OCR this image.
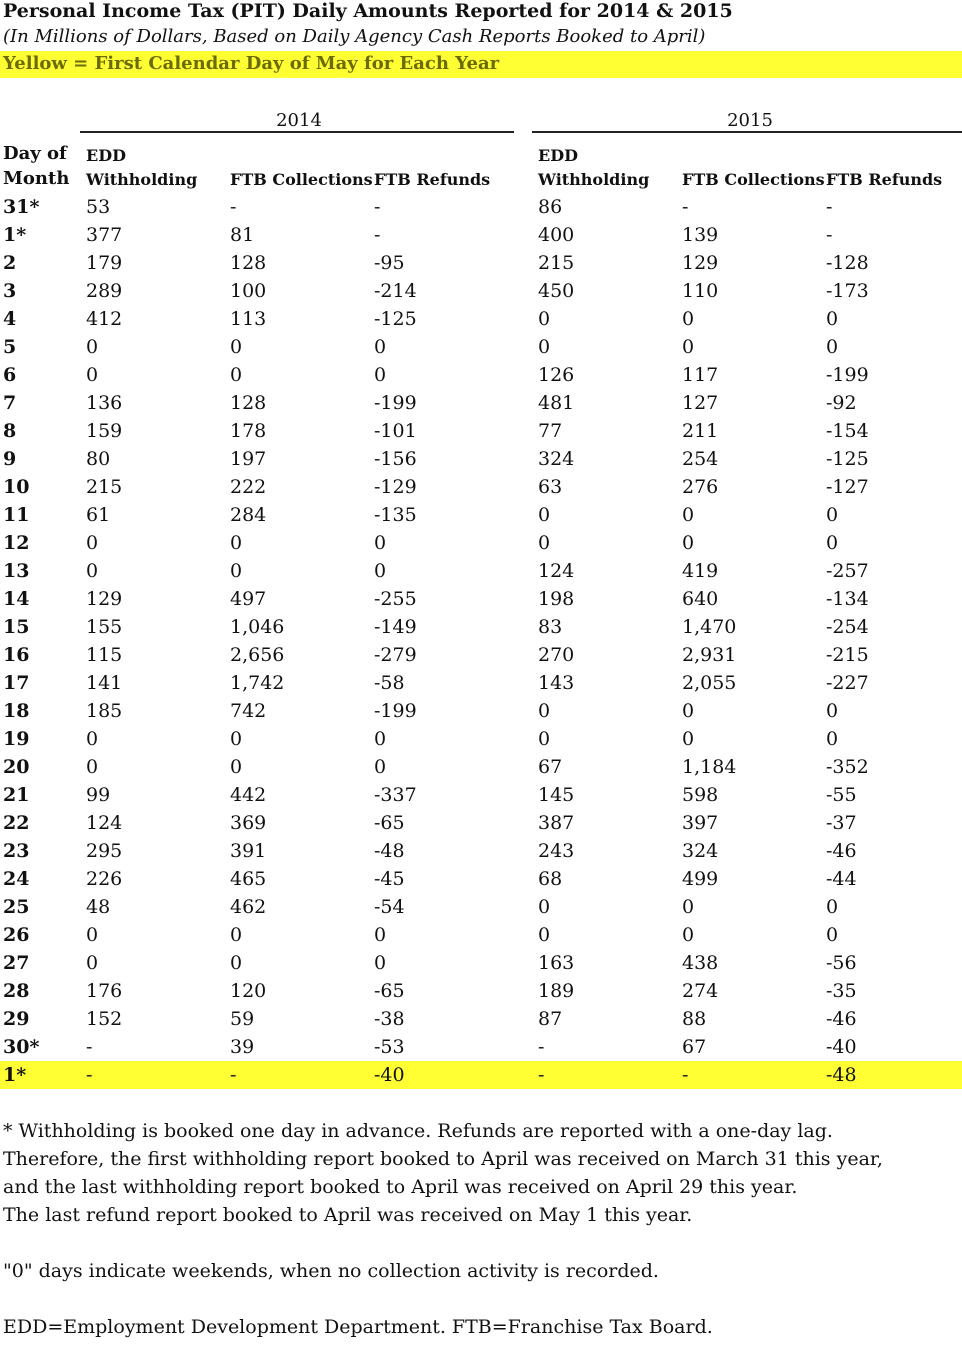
Personal Income Tax (PIT) Daily Amounts Reported for 2014 & 2015
(In Millions of Dollars, Based on Daily Agency Cash Reports Booked to April)
Yellow = First Calendar Day of May for Each Year
2014	2015
Day of
Month
EDD
Withholding FTB Collections FTB Refunds
EDD
Withholding FTB Collections FTB Refunds
31* 53	-	-	86	-	-
1*	377	81	-	400	139	-
2	179	128	-95	215	129	-128
3	289	100	-214	450	110	-173
4	412	113	-125	0	0	0
5	0	0	0	0	0	0
6	0	0	0	126	117	-199
7	136	128	-199	481	127	-92
8	159	178	-101	77	211	-154
9	80	197	-156	324	254	-125
10	215	222	-129	63	276	-127
11	61	284	-135	0	0	0
12	0	0	0	0	0	0
13	0	0	0	124	419	-257
14	129	497	-255	198	640	-134
15	155	1,046	-149	83	1,470	-254
16	115	2,656	-279	270	2,931	-215
17	141	1,742	-58	143	2,055	-227
18	185	742	-199	0	0	0
19	0	0	0	0	0	0
20	0	0	0	67	1,184	-352
21	99	442	-337	145	598	-55
22	124	369	-65	387	397	-37
23	295	391	-48	243	324	-46
24	226	465	-45	68	499	-44
25	48	462	-54	0	0	0
26	0	0	0	0	0	0
27	0	0	0	163	438	-56
28	176	120	-65	189	274	-35
29	152	59	-38	87	88	-46
30* -	39	-53	-	67	-40
1*	-	-	-40	-	-	-48
* Withholding is booked one day in advance. Refunds are reported with a one-day lag.
Therefore, the first withholding report booked to April was received on March 31 this year,
and the last withholding report booked to April was received on April 29 this year.
The last refund report booked to April was received on May 1 this year.
"0" days indicate weekends, when no collection activity is recorded.
EDD=Employment Development Department. FTB=Franchise Tax Board.
